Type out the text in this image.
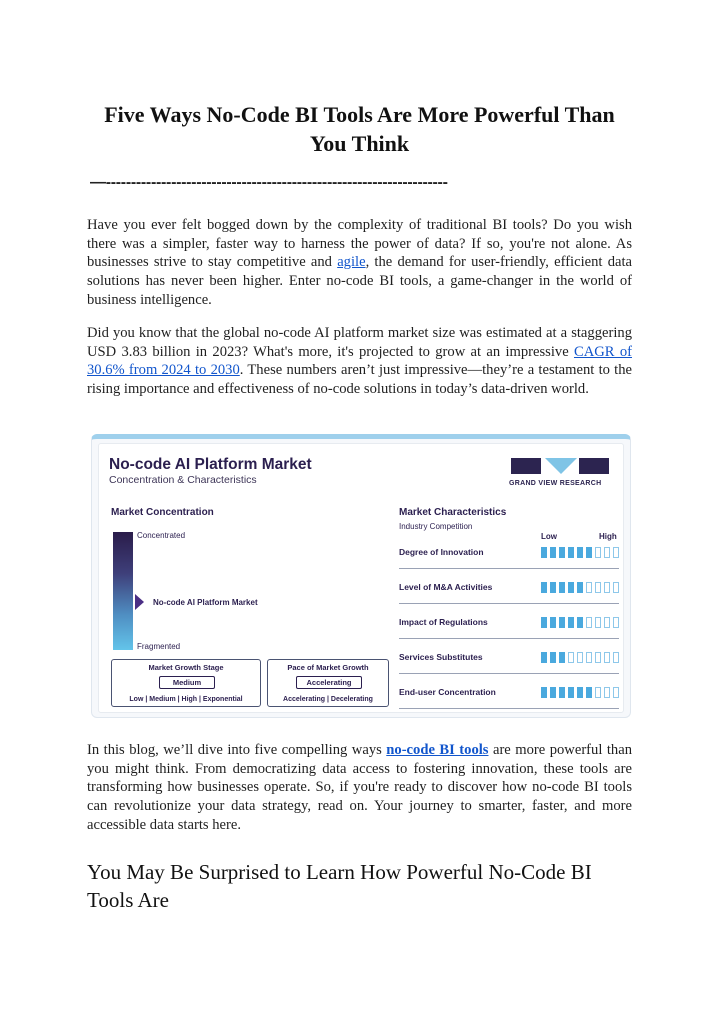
Five Ways No-Code BI Tools Are More Powerful Than You Think
—--------------------------------------------------------------------

Have you ever felt bogged down by the complexity of traditional BI tools? Do you wish there was a simpler, faster way to harness the power of data? If so, you're not alone. As businesses strive to stay competitive and agile, the demand for user-friendly, efficient data solutions has never been higher. Enter no-code BI tools, a game-changer in the world of business intelligence.

Did you know that the global no-code AI platform market size was estimated at a staggering USD 3.83 billion in 2023? What's more, it's projected to grow at an impressive CAGR of 30.6% from 2024 to 2030. These numbers aren’t just impressive—they’re a testament to the rising importance and effectiveness of no-code solutions in today’s data-driven world.

In this blog, we’ll dive into five compelling ways no-code BI tools are more powerful than you might think. From democratizing data access to fostering innovation, these tools are transforming how businesses operate. So, if you're ready to discover how no-code BI tools can revolutionize your data strategy, read on. Your journey to smarter, faster, and more accessible data starts here.

You May Be Surprised to Learn How Powerful No-Code BI Tools Are
No-code AI Platform Market
Concentration & Characteristics	GRAND VIEW RESEARCH
Market Concentration
Concentrated
No-code AI Platform Market
Fragmented
Market Growth Stage
Medium
Low | Medium | High | Exponential
Pace of Market Growth
Accelerating
Accelerating | Decelerating
Market Characteristics
Industry Competition
Low	High
Degree of Innovation
Level of M&A Activities
Impact of Regulations
Services Substitutes
End-user Concentration
